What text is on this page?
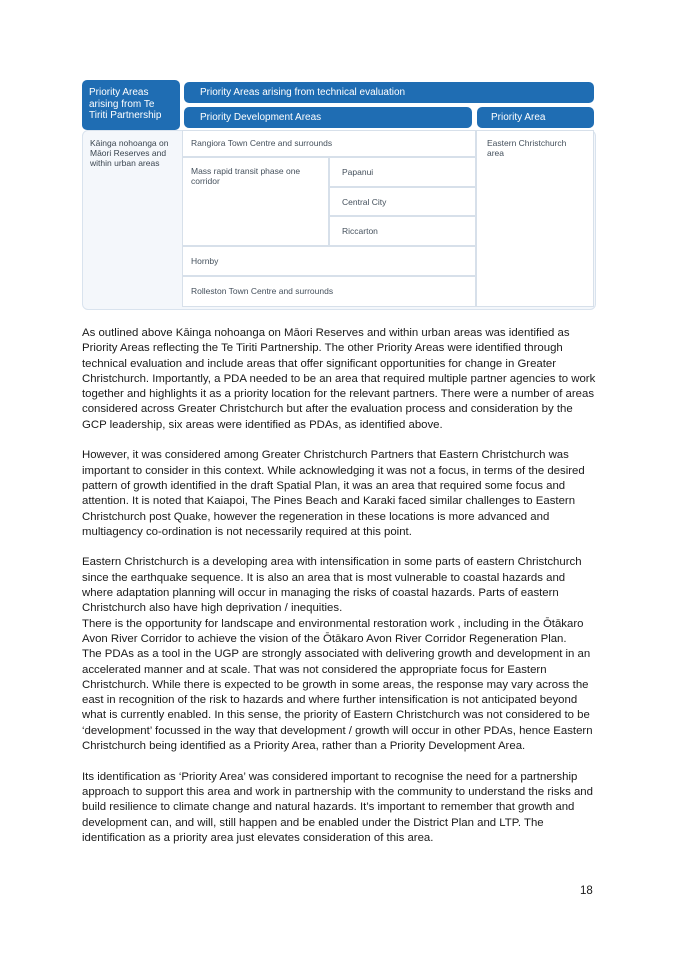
Priority Areas arising from Te Tiriti Partnership
Priority Areas arising from technical evaluation
Priority Development Areas	Priority Area
Kāinga nohoanga on Māori Reserves and within urban areas
Rangiora Town Centre and surrounds
Mass rapid transit phase one corridor
Papanui
Central City
Riccarton
Hornby
Rolleston Town Centre and surrounds
Eastern Christchurch area

As outlined above Kāinga nohoanga on Māori Reserves and within urban areas was identified as Priority Areas reflecting the Te Tiriti Partnership. The other Priority Areas were identified through technical evaluation and include areas that offer significant opportunities for change in Greater Christchurch. Importantly, a PDA needed to be an area that required multiple partner agencies to work together and highlights it as a priority location for the relevant partners. There were a number of areas considered across Greater Christchurch but after the evaluation process and consideration by the GCP leadership, six areas were identified as PDAs, as identified above.

However, it was considered among Greater Christchurch Partners that Eastern Christchurch was important to consider in this context. While acknowledging it was not a focus, in terms of the desired pattern of growth identified in the draft Spatial Plan, it was an area that required some focus and attention. It is noted that Kaiapoi, The Pines Beach and Karaki faced similar challenges to Eastern Christchurch post Quake, however the regeneration in these locations is more advanced and multiagency co-ordination is not necessarily required at this point.

Eastern Christchurch is a developing area with intensification in some parts of eastern Christchurch since the earthquake sequence. It is also an area that is most vulnerable to coastal hazards and where adaptation planning will occur in managing the risks of coastal hazards. Parts of eastern Christchurch also have high deprivation / inequities.

There is the opportunity for landscape and environmental restoration work , including in the Ōtākaro Avon River Corridor to achieve the vision of the Ōtākaro Avon River Corridor Regeneration Plan.

The PDAs as a tool in the UGP are strongly associated with delivering growth and development in an accelerated manner and at scale. That was not considered the appropriate focus for Eastern Christchurch. While there is expected to be growth in some areas, the response may vary across the east in recognition of the risk to hazards and where further intensification is not anticipated beyond what is currently enabled. In this sense, the priority of Eastern Christchurch was not considered to be ‘development’ focussed in the way that development / growth will occur in other PDAs, hence Eastern Christchurch being identified as a Priority Area, rather than a Priority Development Area.

Its identification as ‘Priority Area’ was considered important to recognise the need for a partnership approach to support this area and work in partnership with the community to understand the risks and build resilience to climate change and natural hazards. It’s important to remember that growth and development can, and will, still happen and be enabled under the District Plan and LTP. The identification as a priority area just elevates consideration of this area.

18
